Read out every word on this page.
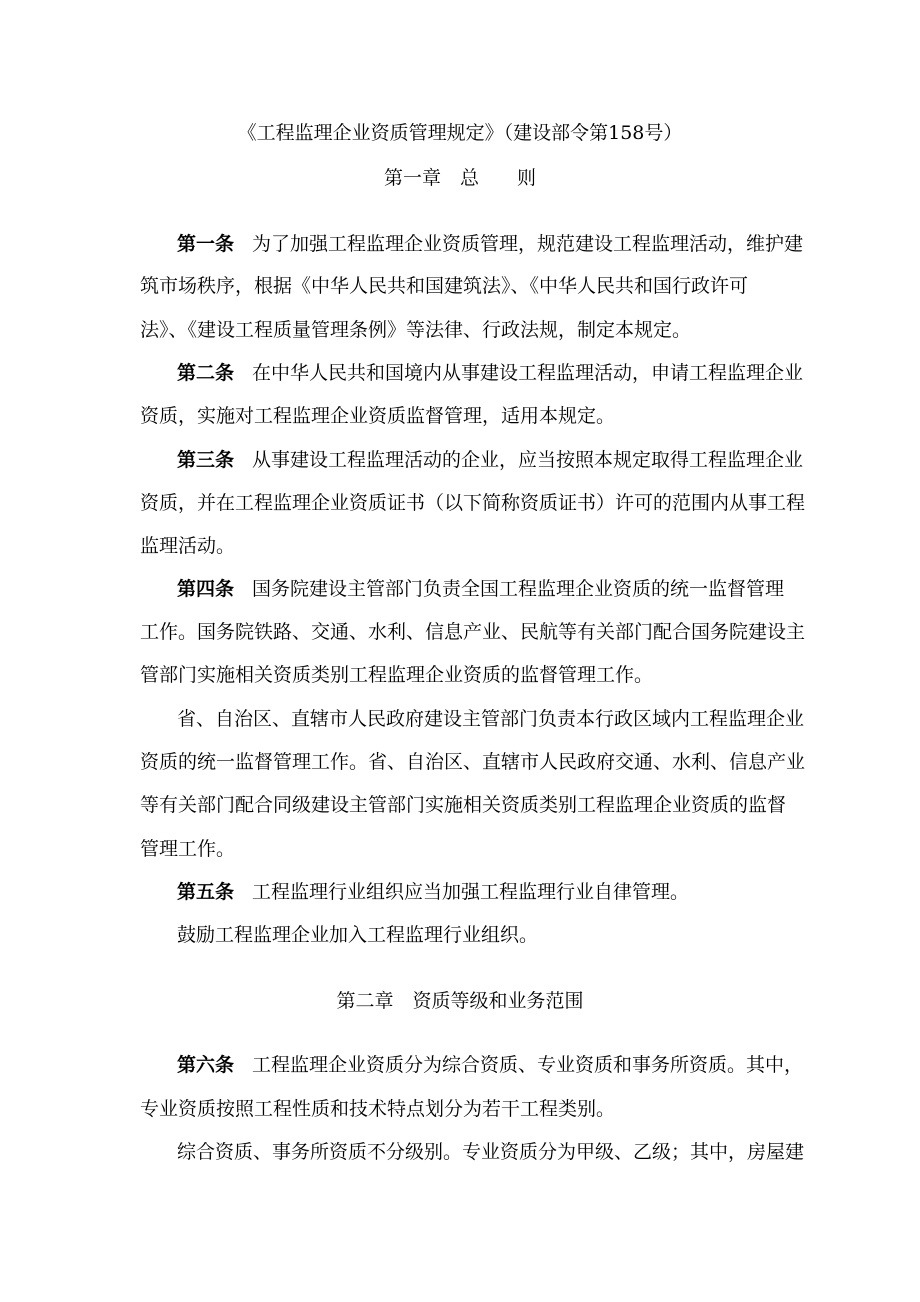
《工程监理企业资质管理规定》（建设部令第158号）
第一章　总　　则
第一条 为了加强工程监理企业资质管理，规范建设工程监理活动，维护建
筑市场秩序，根据《中华人民共和国建筑法》、《中华人民共和国行政许可
法》、《建设工程质量管理条例》等法律、行政法规，制定本规定。
第二条 在中华人民共和国境内从事建设工程监理活动，申请工程监理企业
资质，实施对工程监理企业资质监督管理，适用本规定。
第三条 从事建设工程监理活动的企业，应当按照本规定取得工程监理企业
资质，并在工程监理企业资质证书（以下简称资质证书）许可的范围内从事工程
监理活动。
第四条 国务院建设主管部门负责全国工程监理企业资质的统一监督管理
工作。国务院铁路、交通、水利、信息产业、民航等有关部门配合国务院建设主
管部门实施相关资质类别工程监理企业资质的监督管理工作。
省、自治区、直辖市人民政府建设主管部门负责本行政区域内工程监理企业
资质的统一监督管理工作。省、自治区、直辖市人民政府交通、水利、信息产业
等有关部门配合同级建设主管部门实施相关资质类别工程监理企业资质的监督
管理工作。
第五条 工程监理行业组织应当加强工程监理行业自律管理。
鼓励工程监理企业加入工程监理行业组织。
第二章　资质等级和业务范围
第六条 工程监理企业资质分为综合资质、专业资质和事务所资质。其中，
专业资质按照工程性质和技术特点划分为若干工程类别。
综合资质、事务所资质不分级别。专业资质分为甲级、乙级；其中，房屋建
